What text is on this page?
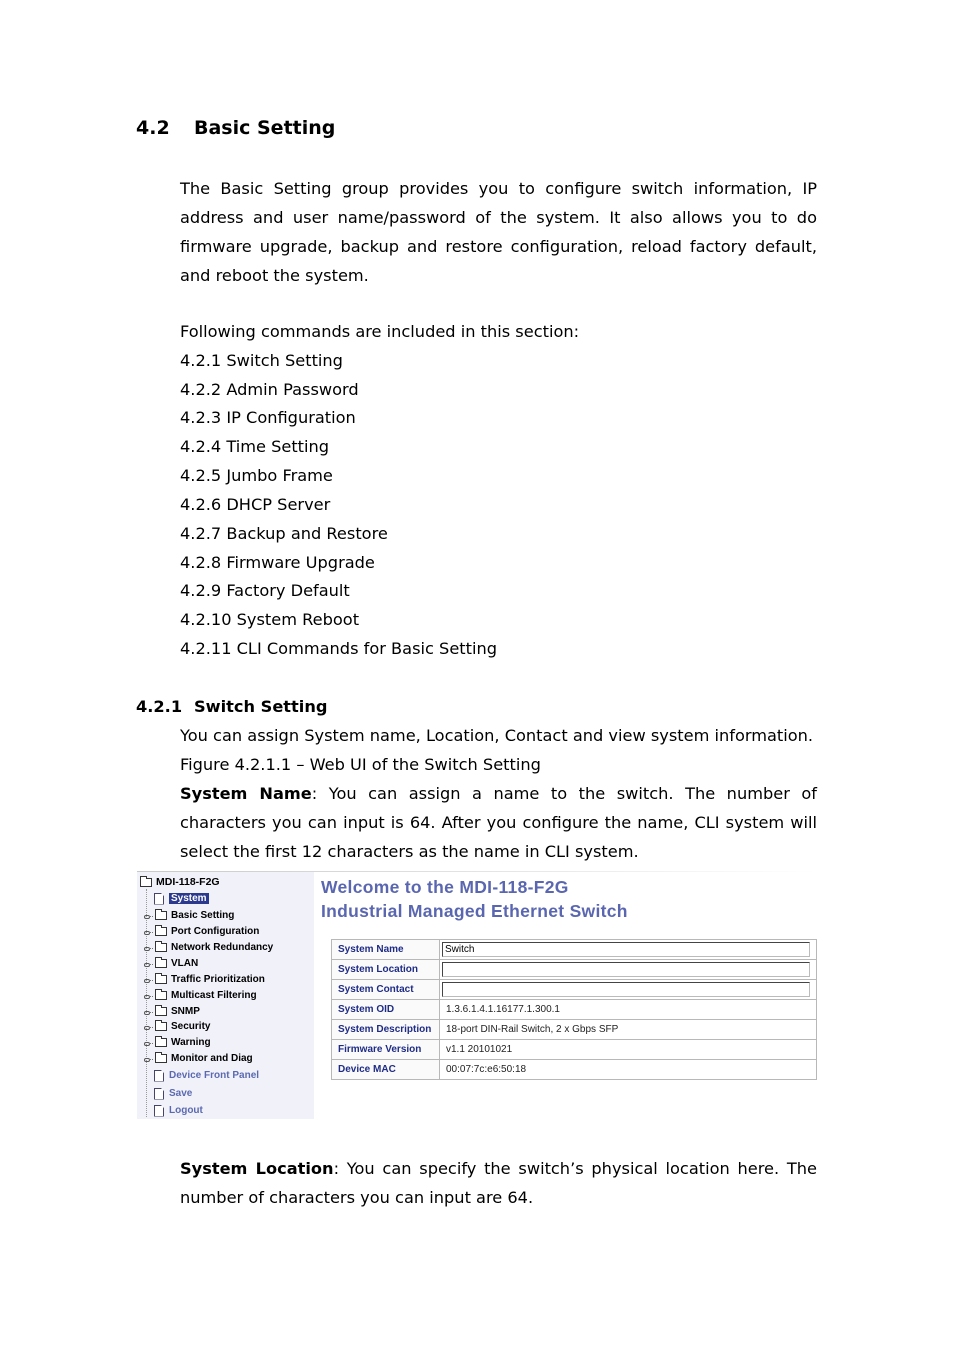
4.2 Basic Setting
The Basic Setting group provides you to configure switch information, IP address and user name/password of the system. It also allows you to do firmware upgrade, backup and restore configuration, reload factory default, and reboot the system.
Following commands are included in this section:
4.2.1 Switch Setting
4.2.2 Admin Password
4.2.3 IP Configuration
4.2.4 Time Setting
4.2.5 Jumbo Frame
4.2.6 DHCP Server
4.2.7 Backup and Restore
4.2.8 Firmware Upgrade
4.2.9 Factory Default
4.2.10 System Reboot
4.2.11 CLI Commands for Basic Setting
4.2.1 Switch Setting
You can assign System name, Location, Contact and view system information.
Figure 4.2.1.1 – Web UI of the Switch Setting
System Name: You can assign a name to the switch. The number of characters you can input is 64. After you configure the name, CLI system will select the first 12 characters as the name in CLI system.
System Location: You can specify the switch’s physical location here. The number of characters you can input are 64.
MDI-118-F2G
System
Basic Setting
Port Configuration
Network Redundancy
VLAN
Traffic Prioritization
Multicast Filtering
SNMP
Security
Warning
Monitor and Diag
Device Front Panel
Save
Logout
Welcome to the MDI-118-F2G
Industrial Managed Ethernet Switch
System Name	Switch
System Location	
System Contact	
System OID	1.3.6.1.4.1.16177.1.300.1
System Description	18-port DIN-Rail Switch, 2 x Gbps SFP
Firmware Version	v1.1 20101021
Device MAC	00:07:7c:e6:50:18
